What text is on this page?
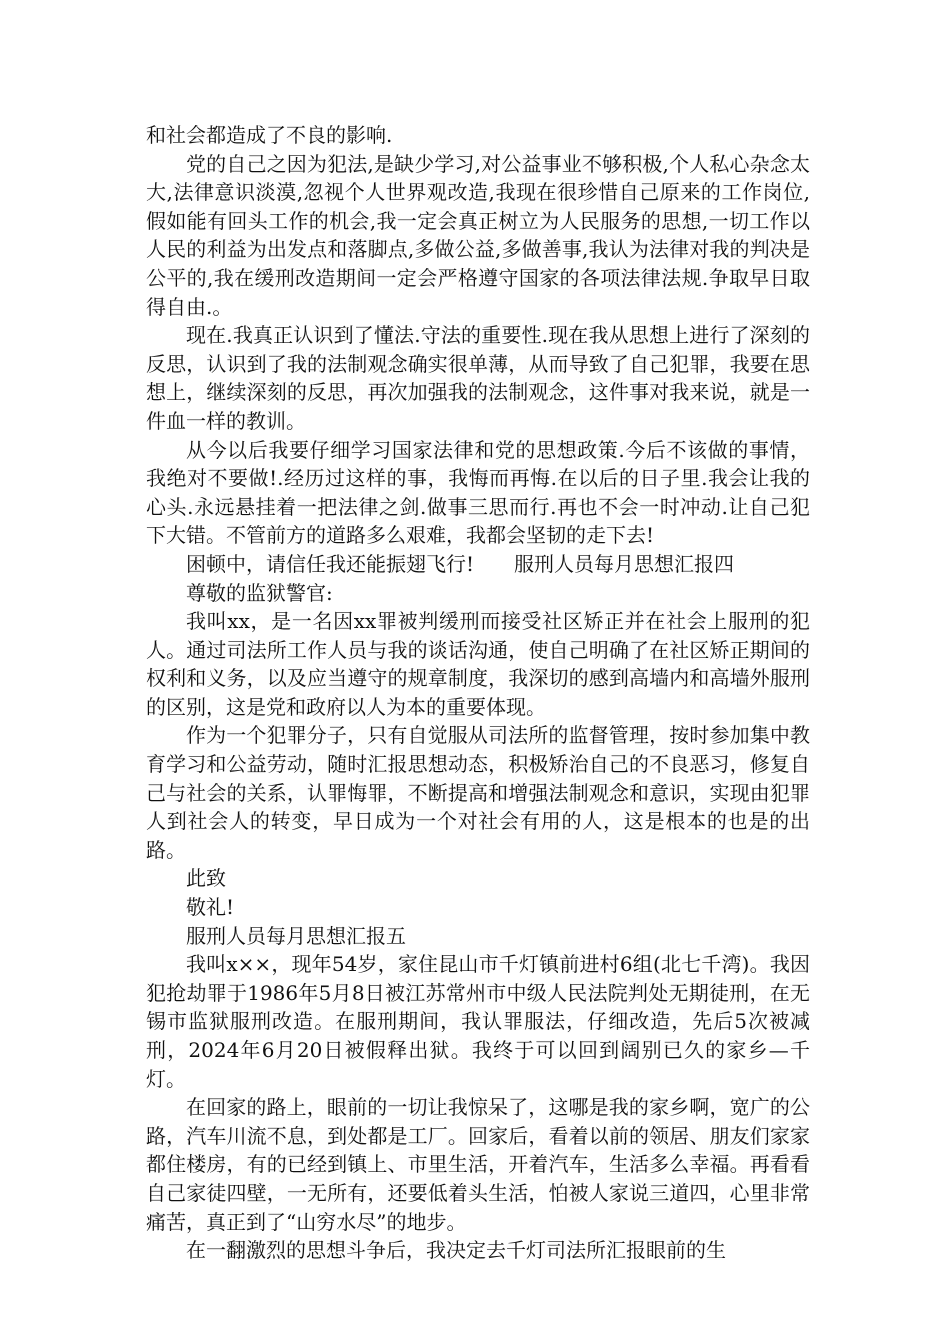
和社会都造成了不良的影响.

党的自己之因为犯法,是缺少学习,对公益事业不够积极,个人私心杂念太大,法律意识淡漠,忽视个人世界观改造,我现在很珍惜自己原来的工作岗位,假如能有回头工作的机会,我一定会真正树立为人民服务的思想,一切工作以人民的利益为出发点和落脚点,多做公益,多做善事,我认为法律对我的判决是公平的,我在缓刑改造期间一定会严格遵守国家的各项法律法规.争取早日取得自由.。

现在.我真正认识到了懂法.守法的重要性.现在我从思想上进行了深刻的反思，认识到了我的法制观念确实很单薄，从而导致了自己犯罪，我要在思想上，继续深刻的反思，再次加强我的法制观念，这件事对我来说，就是一件血一样的教训。

从今以后我要仔细学习国家法律和党的思想政策.今后不该做的事情，我绝对不要做!.经历过这样的事，我悔而再悔.在以后的日子里.我会让我的心头.永远悬挂着一把法律之剑.做事三思而行.再也不会一时冲动.让自己犯下大错。不管前方的道路多么艰难，我都会坚韧的走下去!

困顿中，请信任我还能振翅飞行!　　服刑人员每月思想汇报四

尊敬的监狱警官:

我叫xx，是一名因xx罪被判缓刑而接受社区矫正并在社会上服刑的犯人。通过司法所工作人员与我的谈话沟通，使自己明确了在社区矫正期间的权利和义务，以及应当遵守的规章制度，我深切的感到高墙内和高墙外服刑的区别，这是党和政府以人为本的重要体现。

作为一个犯罪分子，只有自觉服从司法所的监督管理，按时参加集中教育学习和公益劳动，随时汇报思想动态，积极矫治自己的不良恶习，修复自己与社会的关系，认罪悔罪，不断提高和增强法制观念和意识，实现由犯罪人到社会人的转变，早日成为一个对社会有用的人，这是根本的也是的出路。

此致

敬礼!

服刑人员每月思想汇报五

我叫x××，现年54岁，家住昆山市千灯镇前进村6组(北七千湾)。我因犯抢劫罪于1986年5月8日被江苏常州市中级人民法院判处无期徒刑，在无锡市监狱服刑改造。在服刑期间，我认罪服法，仔细改造，先后5次被减刑，2024年6月20日被假释出狱。我终于可以回到阔别已久的家乡—千灯。

在回家的路上，眼前的一切让我惊呆了，这哪是我的家乡啊，宽广的公路，汽车川流不息，到处都是工厂。回家后，看着以前的领居、朋友们家家都住楼房，有的已经到镇上、市里生活，开着汽车，生活多么幸福。再看看自己家徒四壁，一无所有，还要低着头生活，怕被人家说三道四，心里非常痛苦，真正到了“山穷水尽”的地步。

在一翻激烈的思想斗争后，我决定去千灯司法所汇报眼前的生
